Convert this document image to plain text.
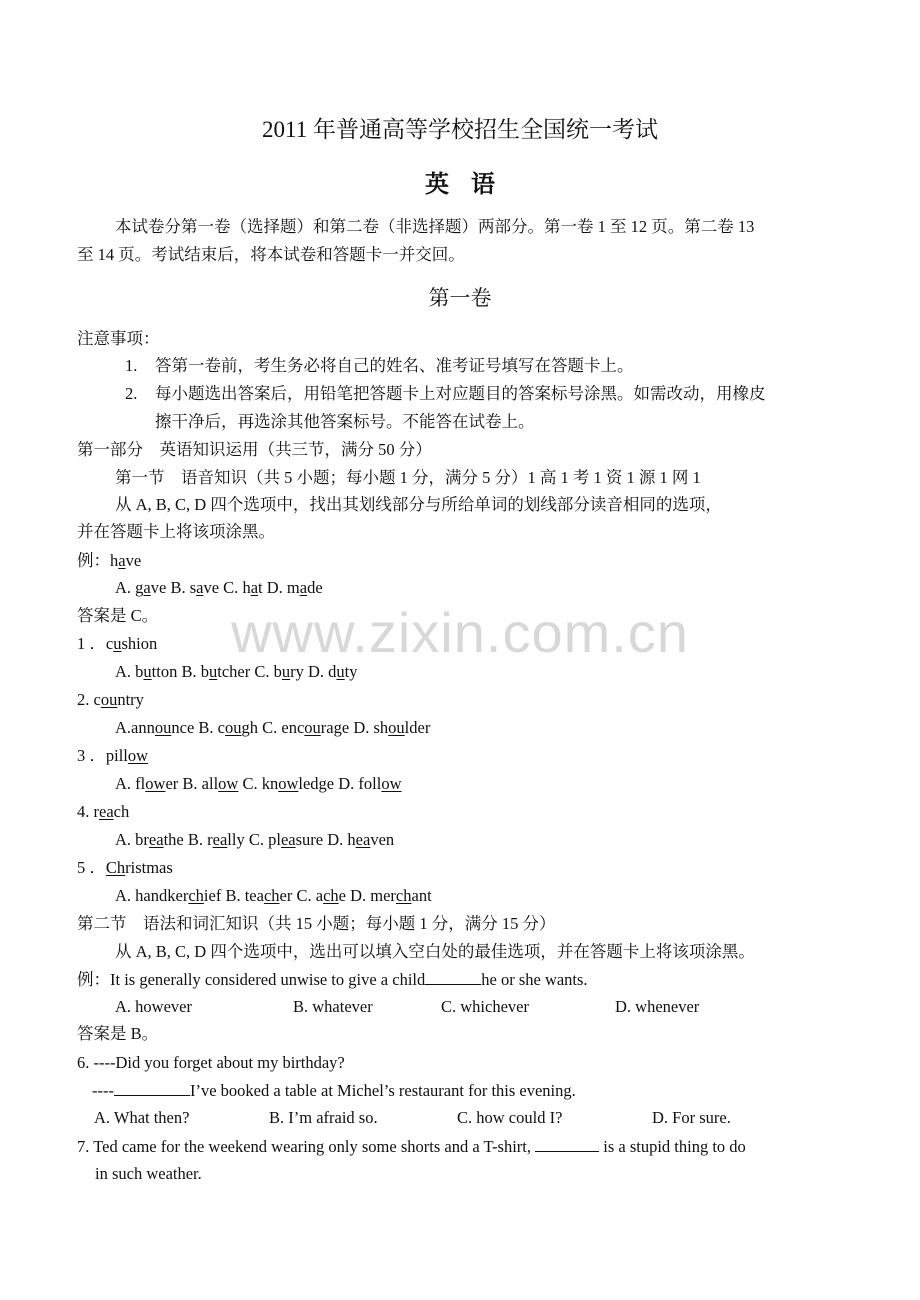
www.zixin.com.cn
2011 年普通高等学校招生全国统一考试
英语
本试卷分第一卷（选择题）和第二卷（非选择题）两部分。第一卷 1 至 12 页。第二卷 13
至 14 页。考试结束后，将本试卷和答题卡一并交回。
第一卷
注意事项：
1.	答第一卷前，考生务必将自己的姓名、准考证号填写在答题卡上。
2.	每小题选出答案后，用铅笔把答题卡上对应题目的答案标号涂黑。如需改动，用橡皮
擦干净后，再选涂其他答案标号。不能答在试卷上。
第一部分　英语知识运用（共三节，满分 50 分）
第一节　语音知识（共 5 小题；每小题 1 分，满分 5 分）1 高 1 考 1 资 1 源 1 网 1
从 A, B, C, D 四个选项中，找出其划线部分与所给单词的划线部分读音相同的选项，
并在答题卡上将该项涂黑。
例：have
A. gave B. save C. hat D. made
答案是 C。
1 ．cushion
A. button B. butcher C. bury D. duty
2. country
A.announce B. cough C. encourage D. shoulder
3 ．pillow
A. flower B. allow C. knowledge D. follow
4. reach
A. breathe B. really C. pleasure D. heaven
5 ．Christmas
A. handkerchief B. teacher C. ache D. merchant
第二节　语法和词汇知识（共 15 小题；每小题 1 分，满分 15 分）
从 A, B, C, D 四个选项中，选出可以填入空白处的最佳选项，并在答题卡上将该项涂黑。
例：It is generally considered unwise to give a child	he or she wants.
A. however	B. whatever	C. whichever	D. whenever
答案是 B。
6. ----Did you forget about my birthday?
----	I’ve booked a table at Michel’s restaurant for this evening.
A. What then?	B. I’m afraid so.	C. how could I?	D. For sure.
7. Ted came for the weekend wearing only some shorts and a T-shirt,	is a stupid thing to do
in such weather.
